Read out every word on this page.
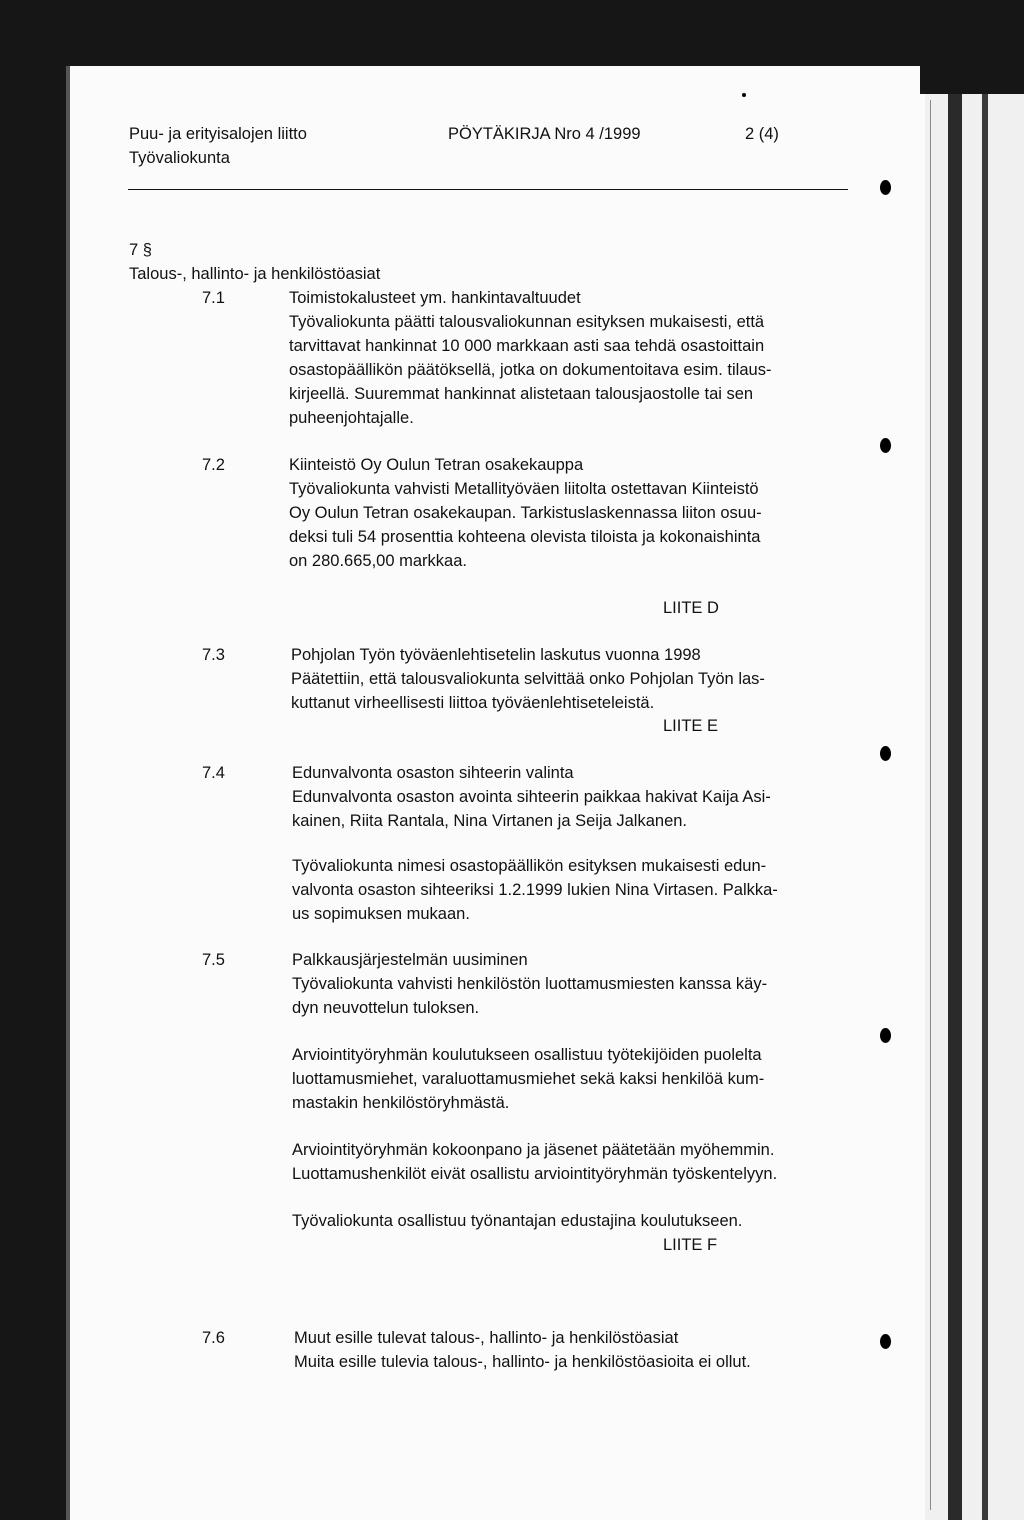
Puu- ja erityisalojen liitto
Työvaliokunta
PÖYTÄKIRJA Nro 4 /1999	2 (4)
7 §
Talous-, hallinto- ja henkilöstöasiat
7.1	Toimistokalusteet ym. hankintavaltuudet
Työvaliokunta päätti talousvaliokunnan esityksen mukaisesti, että
tarvittavat hankinnat 10 000 markkaan asti saa tehdä osastoittain
osastopäällikön päätöksellä, jotka on dokumentoitava esim. tilaus-
kirjeellä. Suuremmat hankinnat alistetaan talousjaostolle tai sen
puheenjohtajalle.
7.2	Kiinteistö Oy Oulun Tetran osakekauppa
Työvaliokunta vahvisti Metallityöväen liitolta ostettavan Kiinteistö
Oy Oulun Tetran osakekaupan. Tarkistuslaskennassa liiton osuu-
deksi tuli 54 prosenttia kohteena olevista tiloista ja kokonaishinta
on 280.665,00 markkaa.
LIITE D
7.3	Pohjolan Työn työväenlehtisetelin laskutus vuonna 1998
Päätettiin, että talousvaliokunta selvittää onko Pohjolan Työn las-
kuttanut virheellisesti liittoa työväenlehtiseteleistä.
LIITE E
7.4	Edunvalvonta osaston sihteerin valinta
Edunvalvonta osaston avointa sihteerin paikkaa hakivat Kaija Asi-
kainen, Riita Rantala, Nina Virtanen ja Seija Jalkanen.
Työvaliokunta nimesi osastopäällikön esityksen mukaisesti edun-
valvonta osaston sihteeriksi 1.2.1999 lukien Nina Virtasen. Palkka-
us sopimuksen mukaan.
7.5	Palkkausjärjestelmän uusiminen
Työvaliokunta vahvisti henkilöstön luottamusmiesten kanssa käy-
dyn neuvottelun tuloksen.
Arviointityöryhmän koulutukseen osallistuu työtekijöiden puolelta
luottamusmiehet, varaluottamusmiehet sekä kaksi henkilöä kum-
mastakin henkilöstöryhmästä.
Arviointityöryhmän kokoonpano ja jäsenet päätetään myöhemmin.
Luottamushenkilöt eivät osallistu arviointityöryhmän työskentelyyn.
Työvaliokunta osallistuu työnantajan edustajina koulutukseen.
LIITE F
7.6	Muut esille tulevat talous-, hallinto- ja henkilöstöasiat
Muita esille tulevia talous-, hallinto- ja henkilöstöasioita ei ollut.
